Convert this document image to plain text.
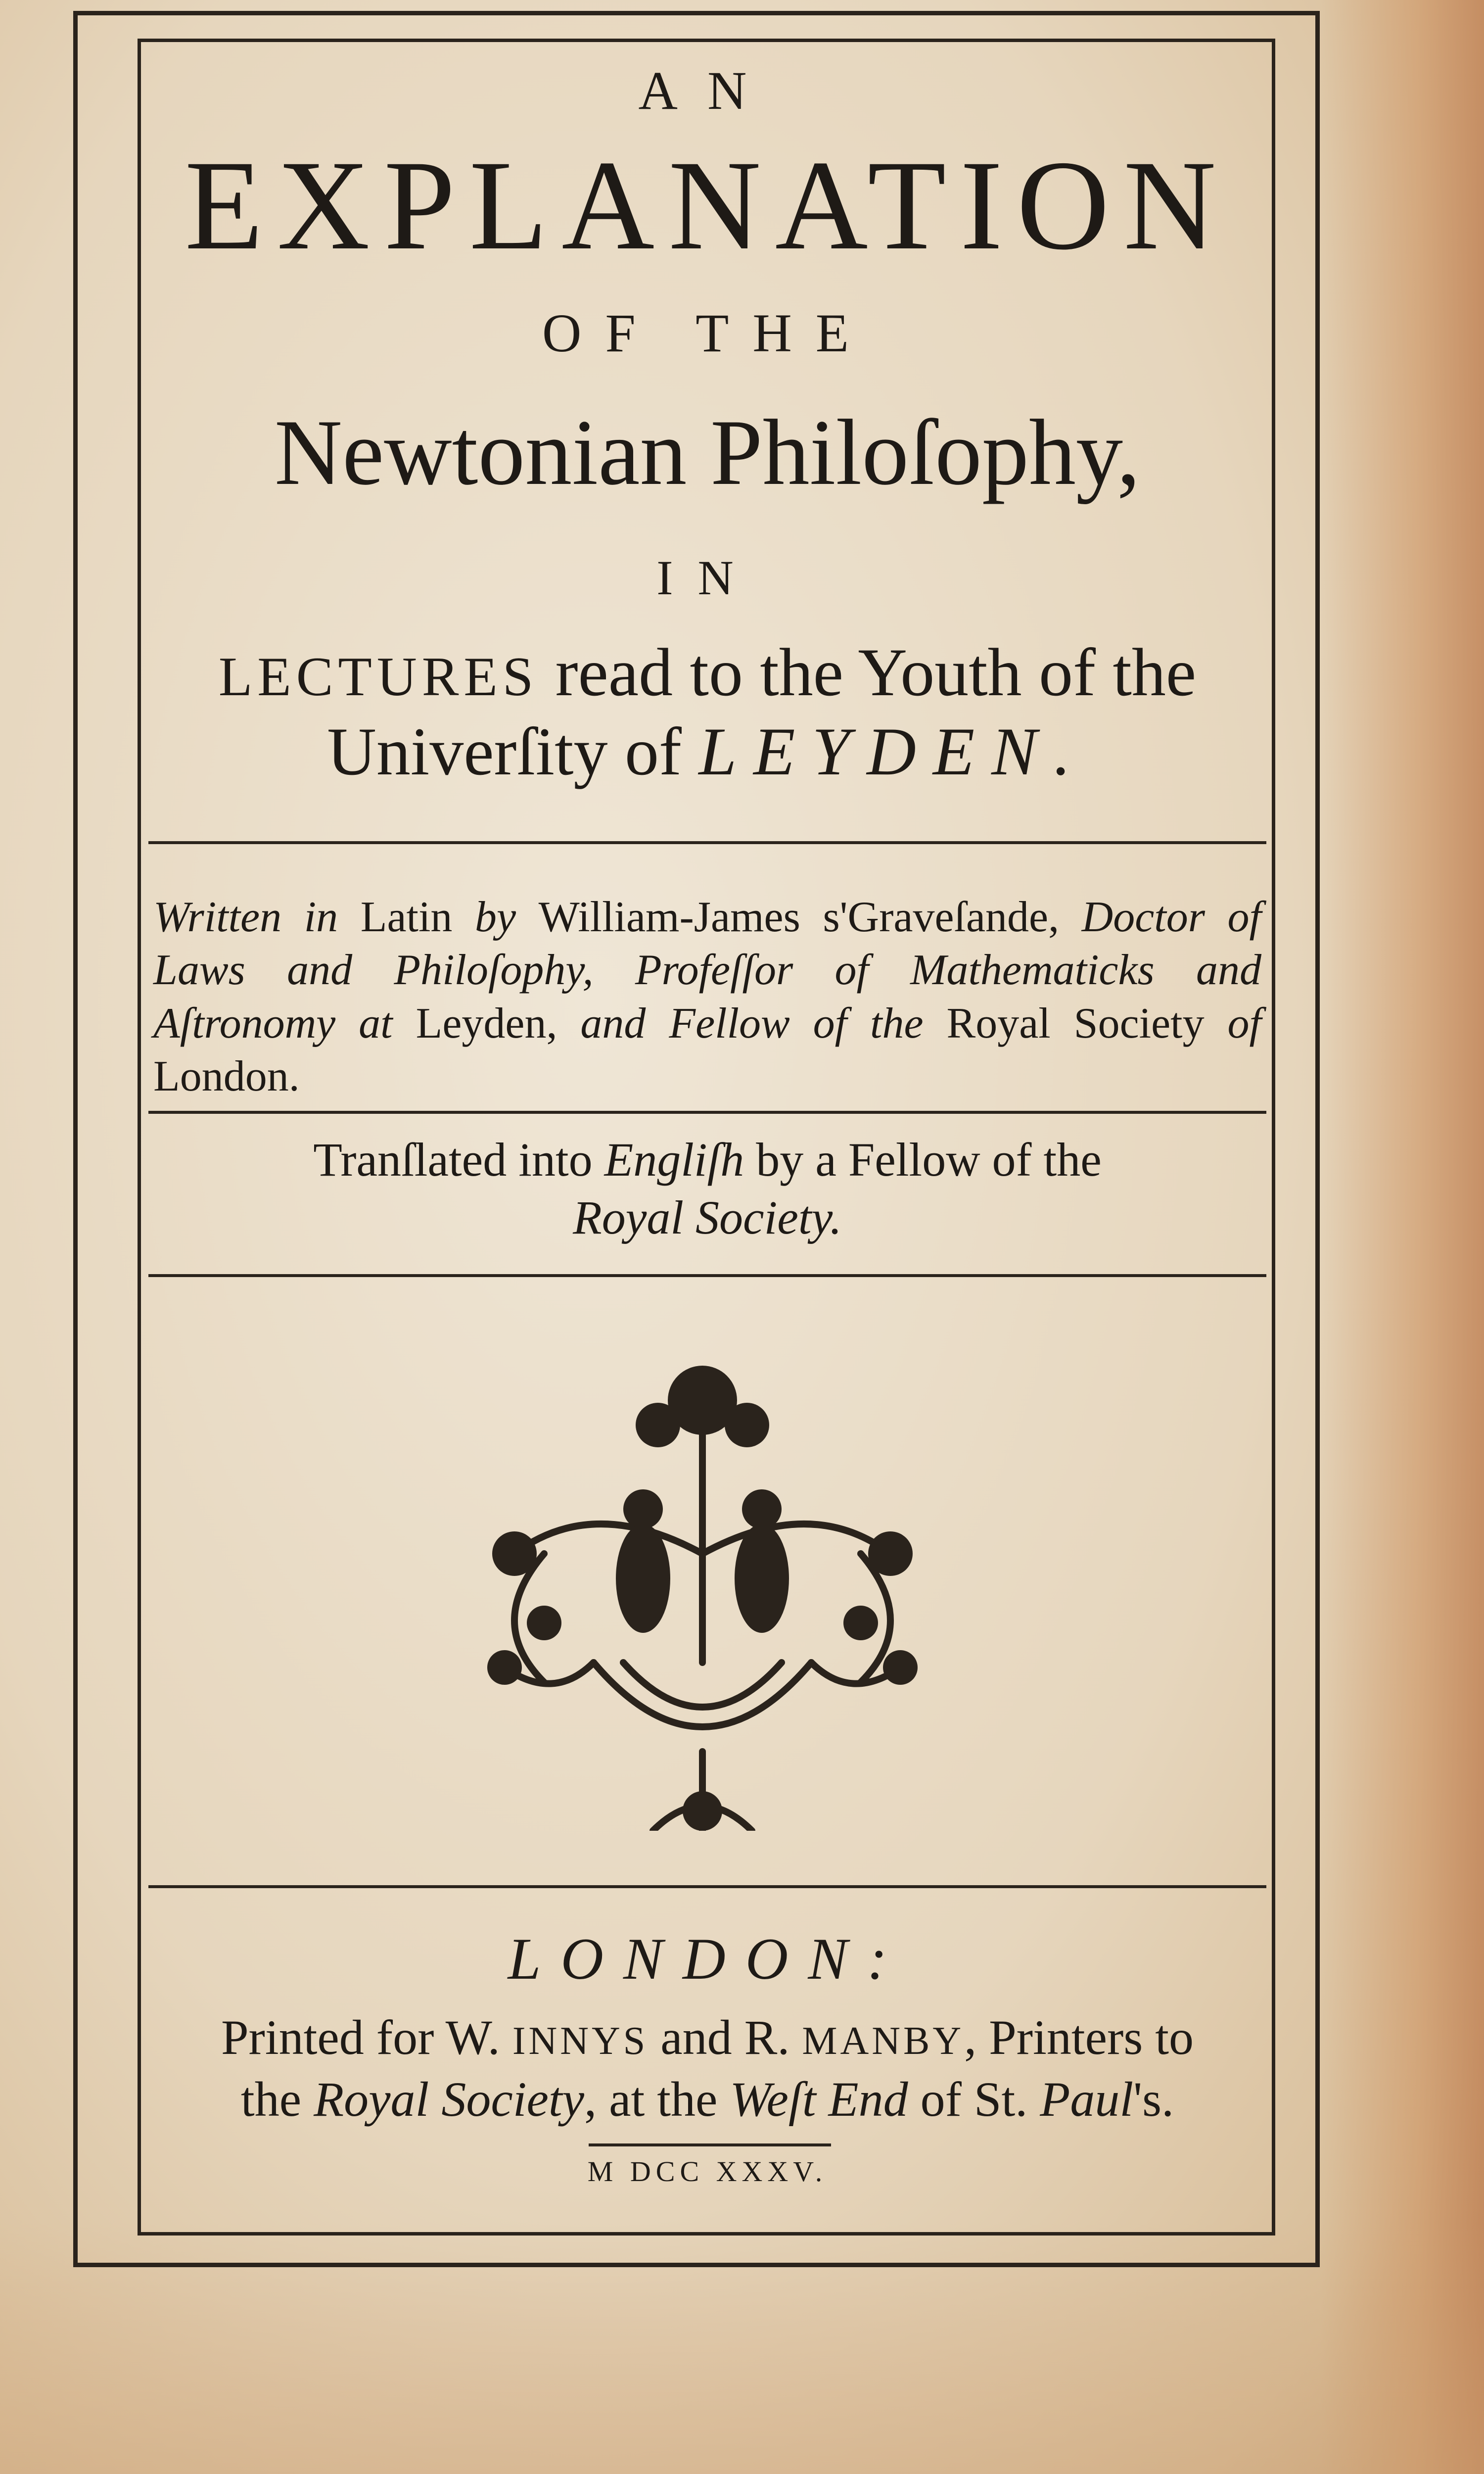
AN
EXPLANATION
OF THE
Newtonian Philoſophy,
IN
LECTURES read to the Youth of the
Univerſity of LEYDEN.
Written in Latin by William-James s'Graveſande, Doctor of Laws and Philoſophy, Profeſſor of Mathematicks and Aſtronomy at Leyden, and Fellow of the Royal Society of London.
Tranſlated into Engliſh by a Fellow of the
Royal Society.
LONDON:
Printed for W. INNYS and R. MANBY, Printers to
the Royal Society, at the Weſt End of St. Paul's.
M DCC XXXV.
